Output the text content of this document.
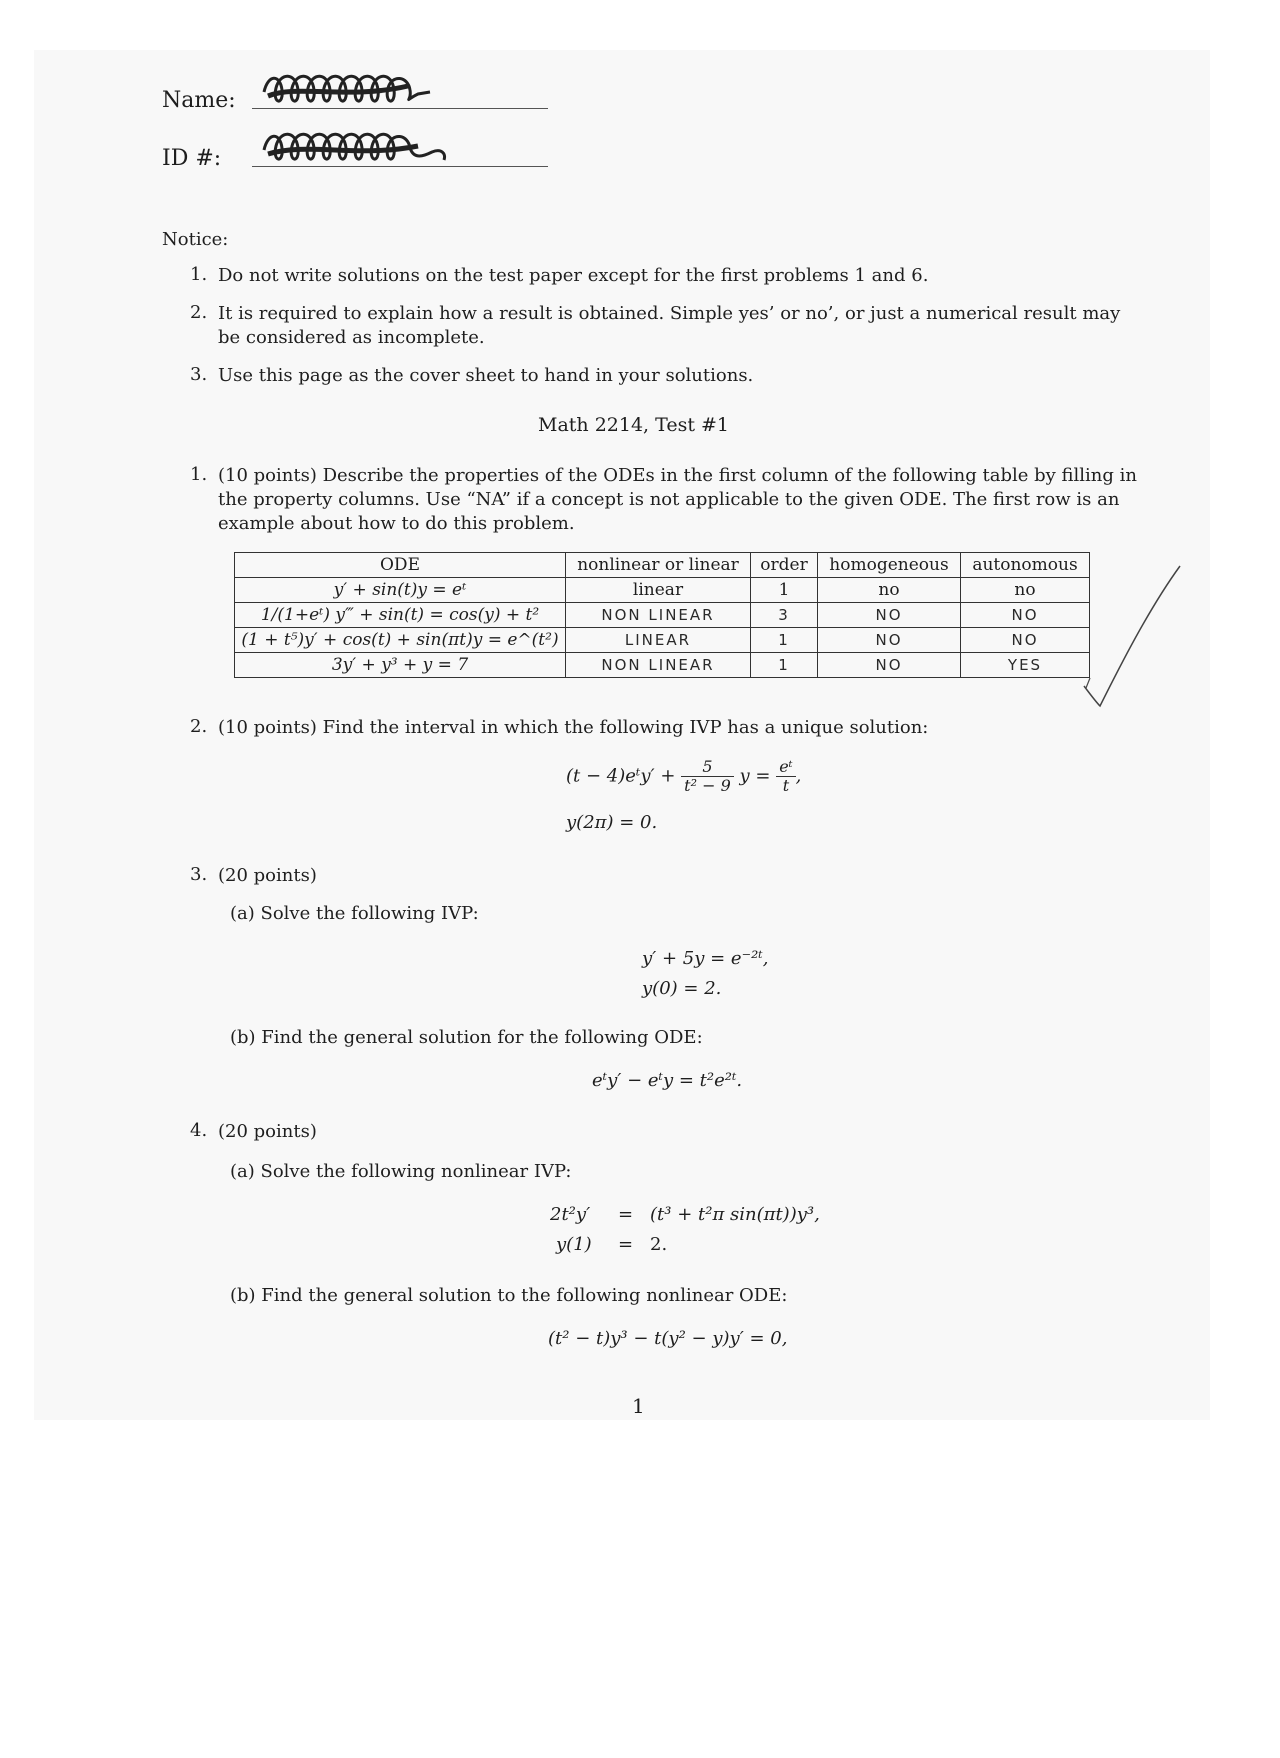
Name:
ID #:
Notice:
1. Do not write solutions on the test paper except for the first problems 1 and 6.
2. It is required to explain how a result is obtained. Simple yes’ or no’, or just a numerical result may
be considered as incomplete.
3. Use this page as the cover sheet to hand in your solutions.
Math 2214, Test #1
1. (10 points) Describe the properties of the ODEs in the first column of the following table by filling in
the property columns. Use “NA” if a concept is not applicable to the given ODE. The first row is an
example about how to do this problem.
ODE	nonlinear or linear	order	homogeneous	autonomous
y′ + sin(t)y = eᵗ	linear	1	no	no
1/(1+eᵗ) y‴ + sin(t) = cos(y) + t²	NON LINEAR	3	NO	NO
(1 + t⁵)y′ + cos(t) + sin(πt)y = e^(t²)	LINEAR	1	NO	NO
3y′ + y³ + y = 7	NON LINEAR	1	NO	YES
2. (10 points) Find the interval in which the following IVP has a unique solution:
(t − 4)eᵗy′ + $\frac{5}{\text{t² − 9}}$ $y = \frac{\text{eᵗ}}{t}$ ,
y(2π) = 0.
3. (20 points)
(a) Solve the following IVP:
y′ + 5y = e⁻²ᵗ,
y(0) = 2.
(b) Find the general solution for the following ODE:
eᵗy′ − eᵗy = t²e²ᵗ.
4. (20 points)
(a) Solve the following nonlinear IVP:
2t²y′ = (t³ + t²π sin(πt))y³,
y(1) = 2.
(b) Find the general solution to the following nonlinear ODE:
(t² − t)y³ − t(y² − y)y′ = 0,
1
